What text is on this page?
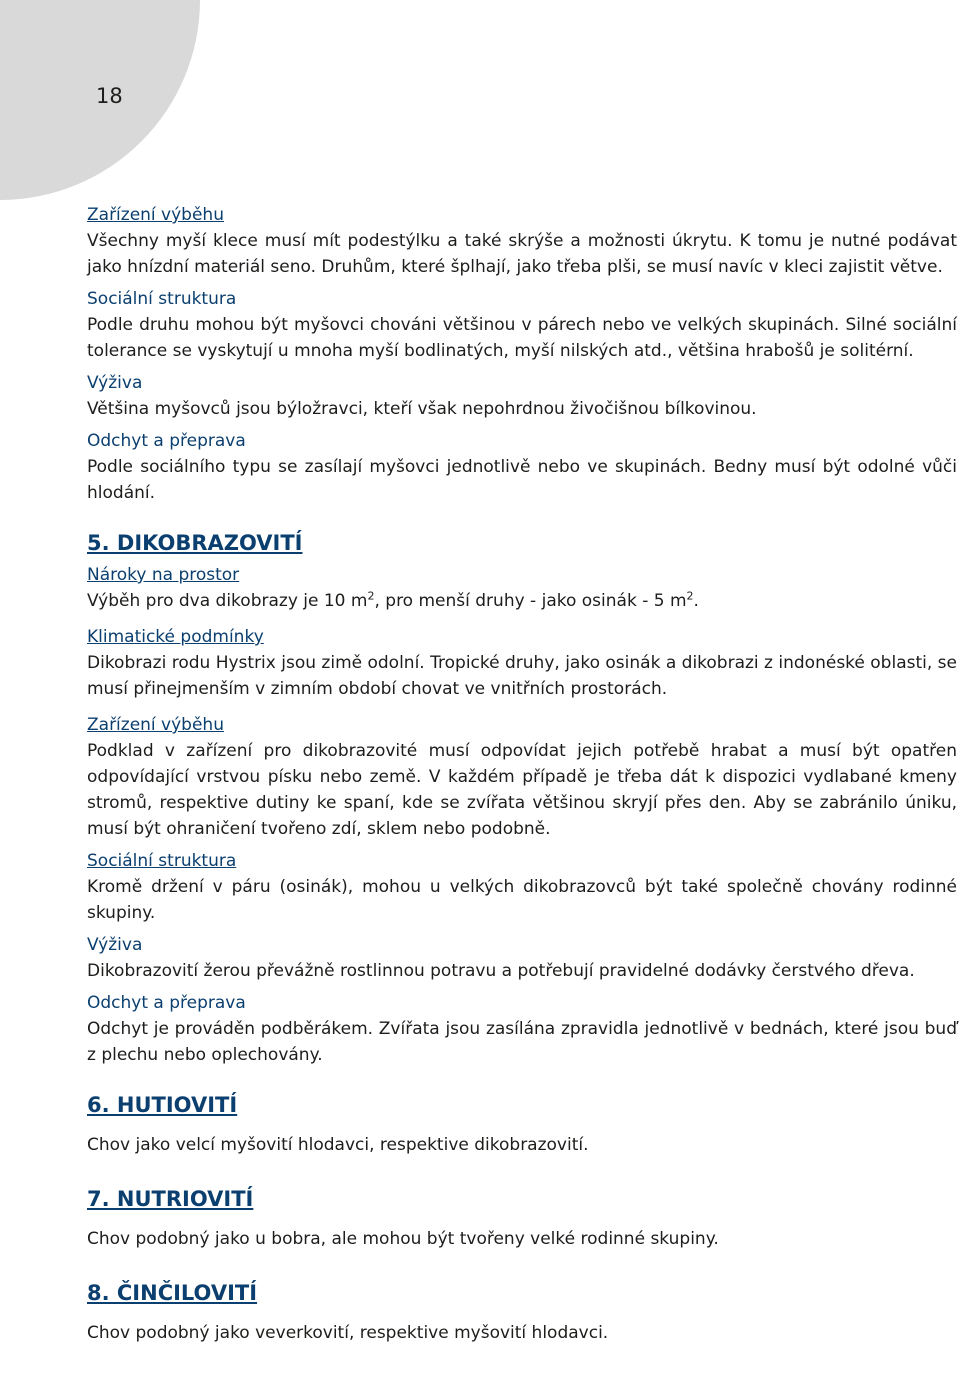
18

Zařízení výběhu

Všechny myší klece musí mít podestýlku a také skrýše a možnosti úkrytu. K tomu je nutné podávat jako hnízdní materiál seno. Druhům, které šplhají, jako třeba plši, se musí navíc v kleci zajistit větve.

Sociální struktura

Podle druhu mohou být myšovci chováni většinou v párech nebo ve velkých skupinách. Silné sociální tolerance se vyskytují u mnoha myší bodlinatých, myší nilských atd., většina hrabošů je solitérní.

Výživa

Většina myšovců jsou býložravci, kteří však nepohrdnou živočišnou bílkovinou.

Odchyt a přeprava

Podle sociálního typu se zasílají myšovci jednotlivě nebo ve skupinách. Bedny musí být odolné vůči hlodání.

5. DIKOBRAZOVITÍ

Nároky na prostor

Výběh pro dva dikobrazy je 10 $m^2$, pro menší druhy - jako osinák - 5 $m^2$.

Klimatické podmínky

Dikobrazi rodu Hystrix jsou zimě odolní. Tropické druhy, jako osinák a dikobrazi z indonéské oblasti, se musí přinejmenším v zimním období chovat ve vnitřních prostorách.

Zařízení výběhu

Podklad v zařízení pro dikobrazovité musí odpovídat jejich potřebě hrabat a musí být opatřen odpovídající vrstvou písku nebo země. V každém případě je třeba dát k dispozici vydlabané kmeny stromů, respektive dutiny ke spaní, kde se zvířata většinou skryjí přes den. Aby se zabránilo úniku, musí být ohraničení tvořeno zdí, sklem nebo podobně.

Sociální struktura

Kromě držení v páru (osinák), mohou u velkých dikobrazovců být také společně chovány rodinné skupiny.

Výživa

Dikobrazovití žerou převážně rostlinnou potravu a potřebují pravidelné dodávky čerstvého dřeva.

Odchyt a přeprava

Odchyt je prováděn podběrákem. Zvířata jsou zasílána zpravidla jednotlivě v bednách, které jsou buď z plechu nebo oplechovány.

6. HUTIOVITÍ

Chov jako velcí myšovití hlodavci, respektive dikobrazovití.

7. NUTRIOVITÍ

Chov podobný jako u bobra, ale mohou být tvořeny velké rodinné skupiny.

8. ČINČILOVITÍ

Chov podobný jako veverkovití, respektive myšovití hlodavci.
